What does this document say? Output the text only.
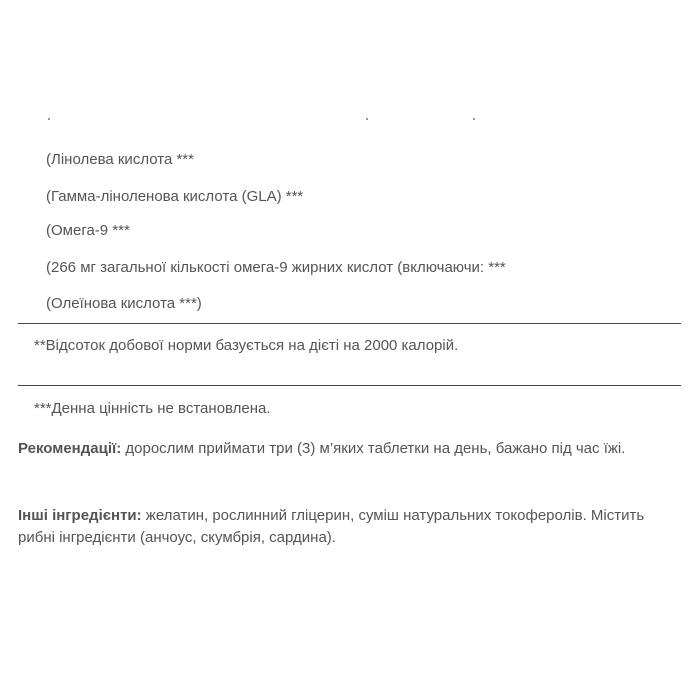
(Лінолева кислота ***
(Гамма-ліноленова кислота (GLA) ***
(Омега-9 ***
(266 мг загальної кількості омега-9 жирних кислот (включаючи: ***
(Олеїнова кислота ***)
**Відсоток добової норми базується на дієті на 2000 калорій.
***Денна цінність не встановлена.
Рекомендації: дорослим приймати три (3) м’яких таблетки на день, бажано під час їжі.
Інші інгредієнти: желатин, рослинний гліцерин, суміш натуральних токоферолів. Містить рибні інгредієнти (анчоус, скумбрія, сардина).
